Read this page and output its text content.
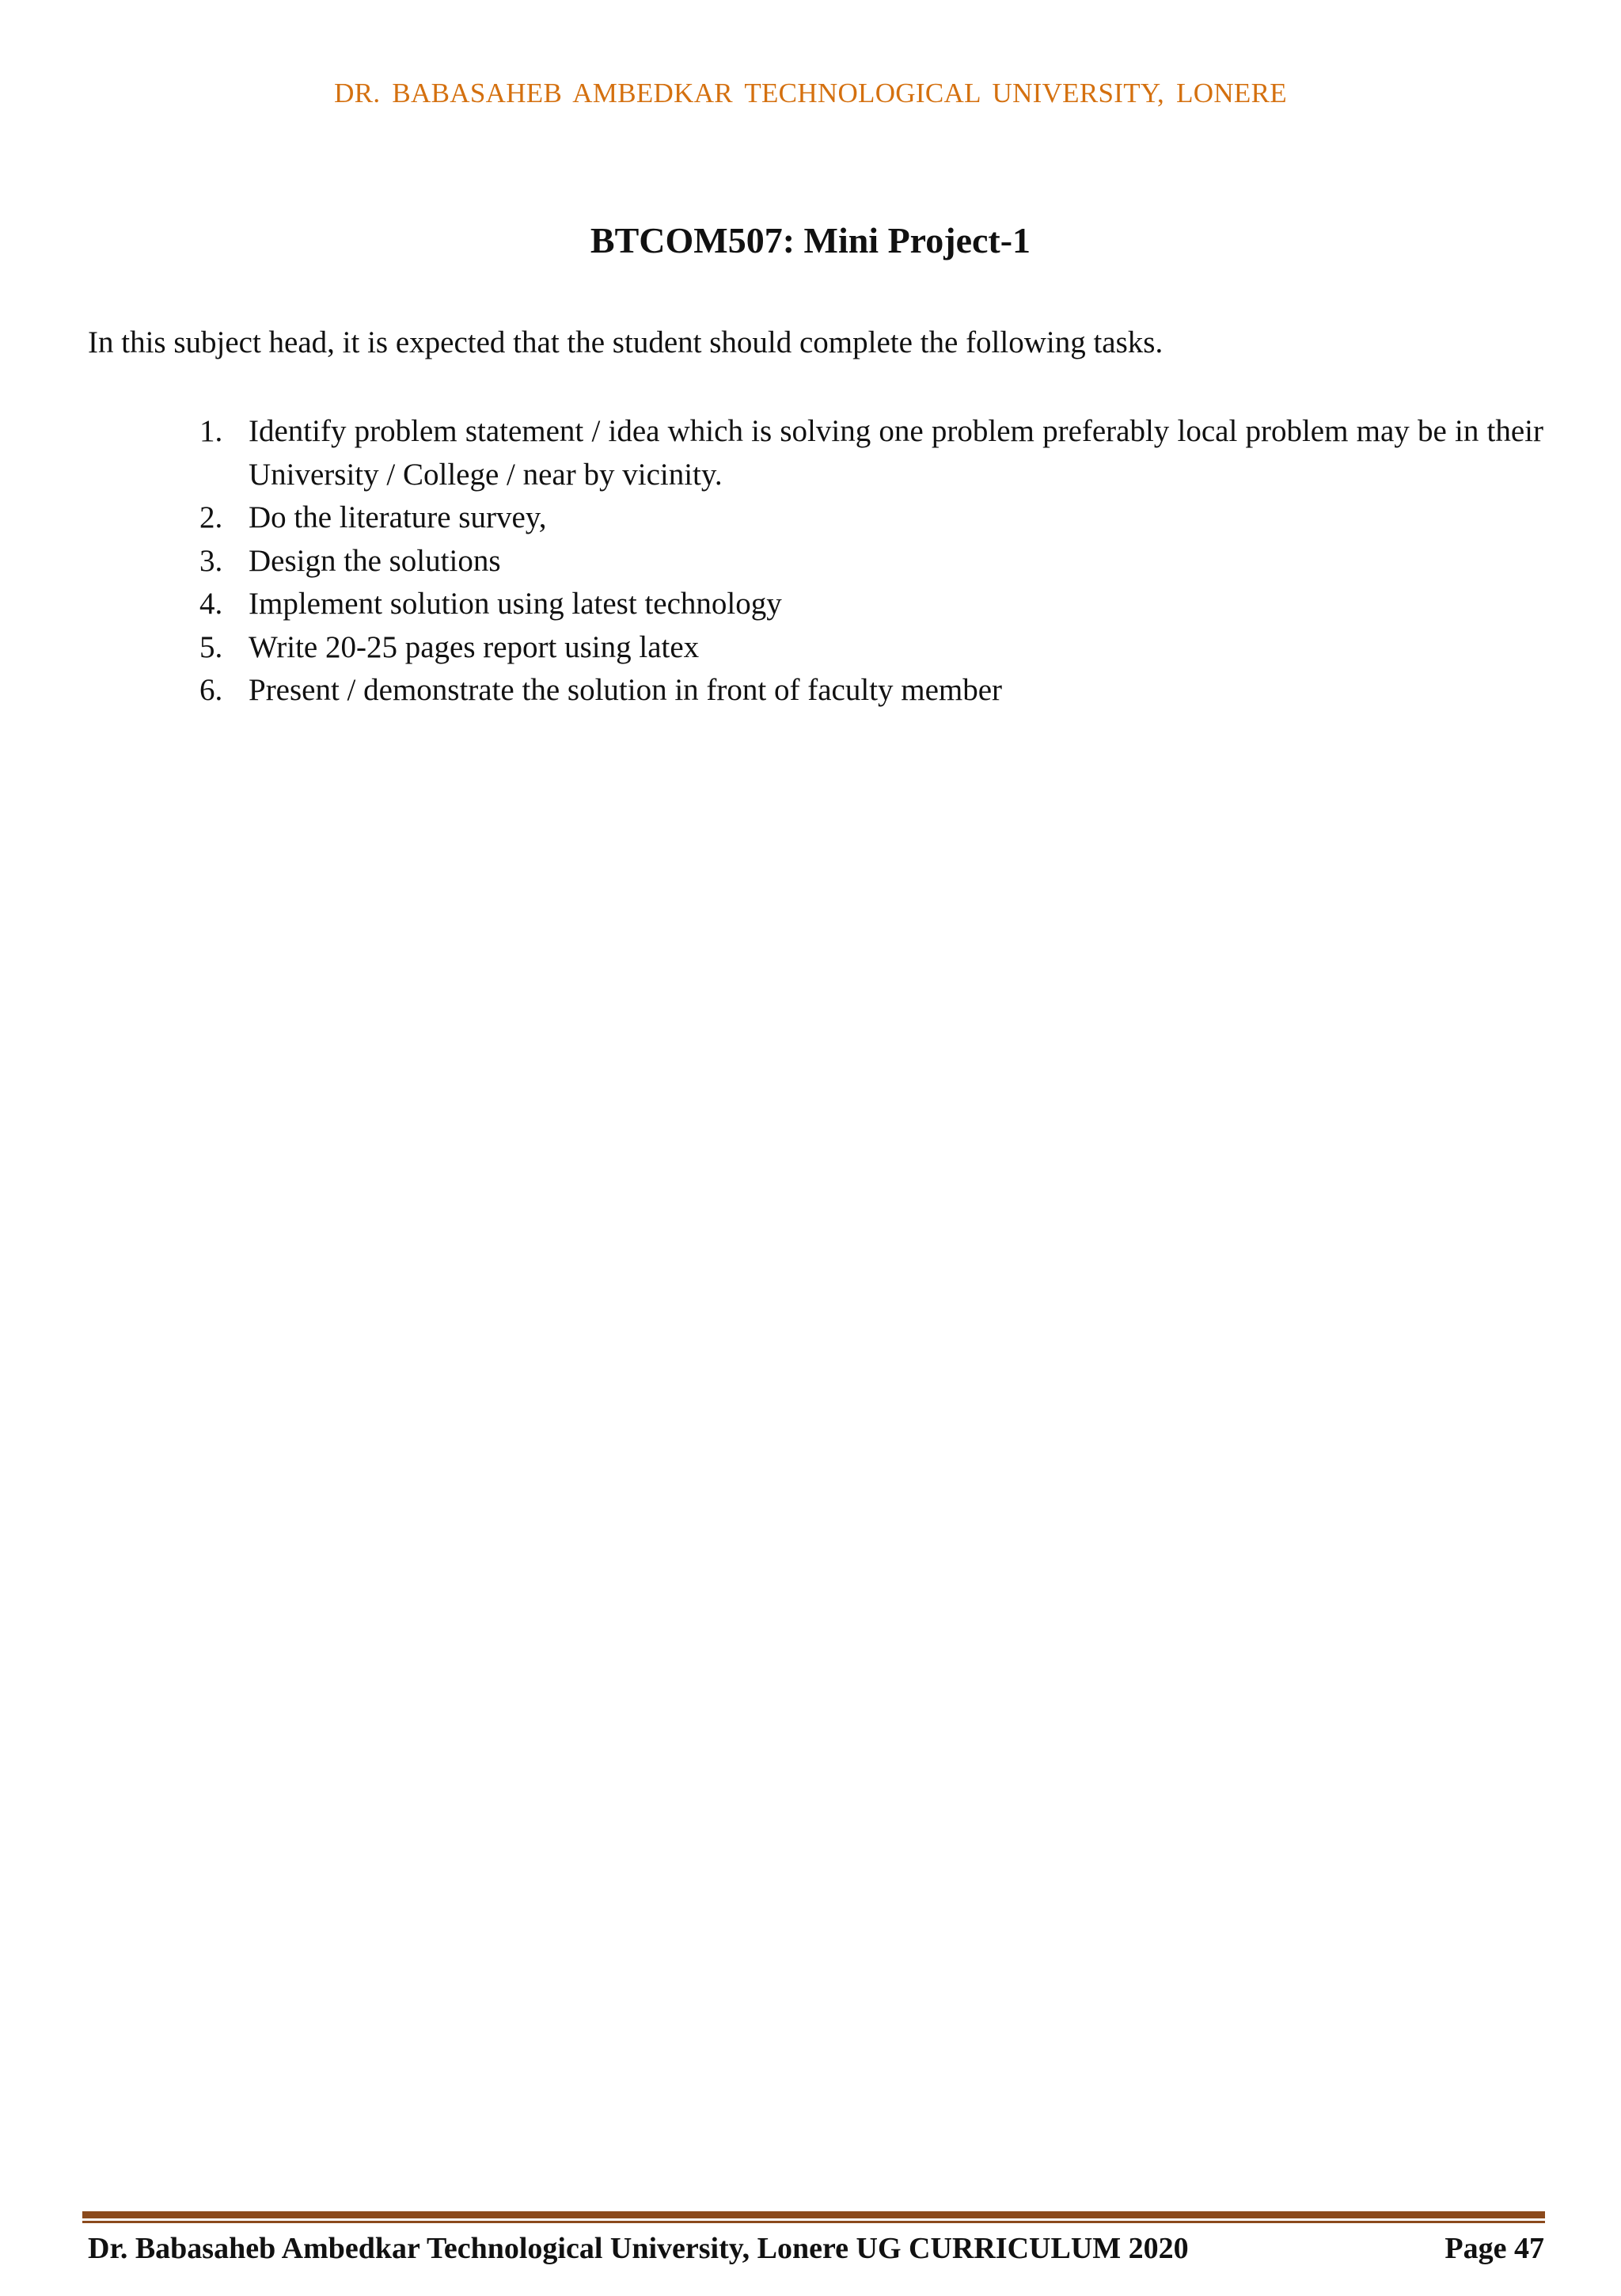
DR. BABASAHEB AMBEDKAR TECHNOLOGICAL UNIVERSITY, LONERE
BTCOM507: Mini Project-1

In this subject head, it is expected that the student should complete the following tasks.

1. Identify problem statement / idea which is solving one problem preferably local problem may be in their University / College / near by vicinity.
2. Do the literature survey,
3. Design the solutions
4. Implement solution using latest technology
5. Write 20-25 pages report using latex
6. Present / demonstrate the solution in front of faculty member
Dr. Babasaheb Ambedkar Technological University, Lonere UG CURRICULUM 2020	Page 47
